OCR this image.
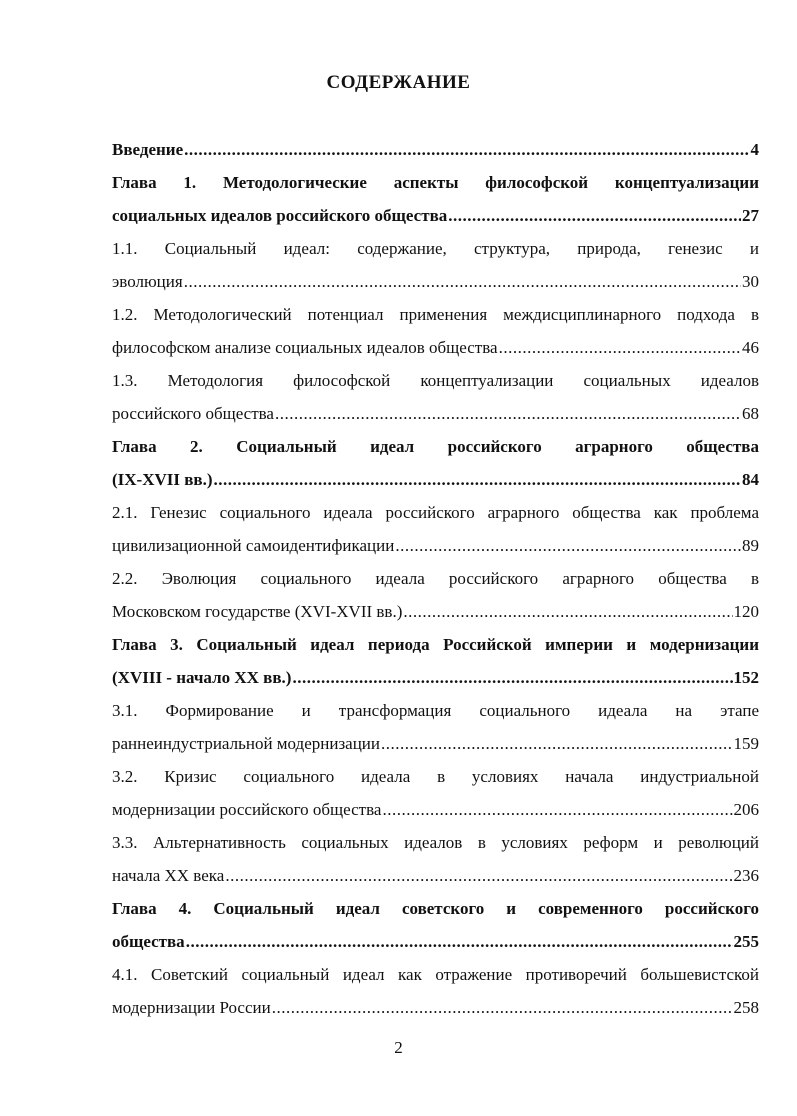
СОДЕРЖАНИЕ
Введение .....	4
Глава 1. Методологические аспекты философской концептуализации
социальных идеалов российского общества .....	27
1.1. Социальный идеал: содержание, структура, природа, генезис и
эволюция .....	30
1.2. Методологический потенциал применения междисциплинарного подхода в
философском анализе социальных идеалов общества .....	46
1.3. Методология философской концептуализации социальных идеалов
российского общества .....	68
Глава 2. Социальный идеал российского аграрного общества
(IX-XVII вв.) .....	84
2.1. Генезис социального идеала российского аграрного общества как проблема
цивилизационной самоидентификации .....	89
2.2. Эволюция социального идеала российского аграрного общества в
Московском государстве (XVI-XVII вв.) .....	120
Глава 3. Социальный идеал периода Российской империи и модернизации
(XVIII - начало XX вв.) .....	152
3.1. Формирование и трансформация социального идеала на этапе
раннеиндустриальной модернизации .....	159
3.2. Кризис социального идеала в условиях начала индустриальной
модернизации российского общества .....	206
3.3. Альтернативность социальных идеалов в условиях реформ и революций
начала XX века .....	236
Глава 4. Социальный идеал советского и современного российского
общества .....	255
4.1. Советский социальный идеал как отражение противоречий большевистской
модернизации России .....	258
2
